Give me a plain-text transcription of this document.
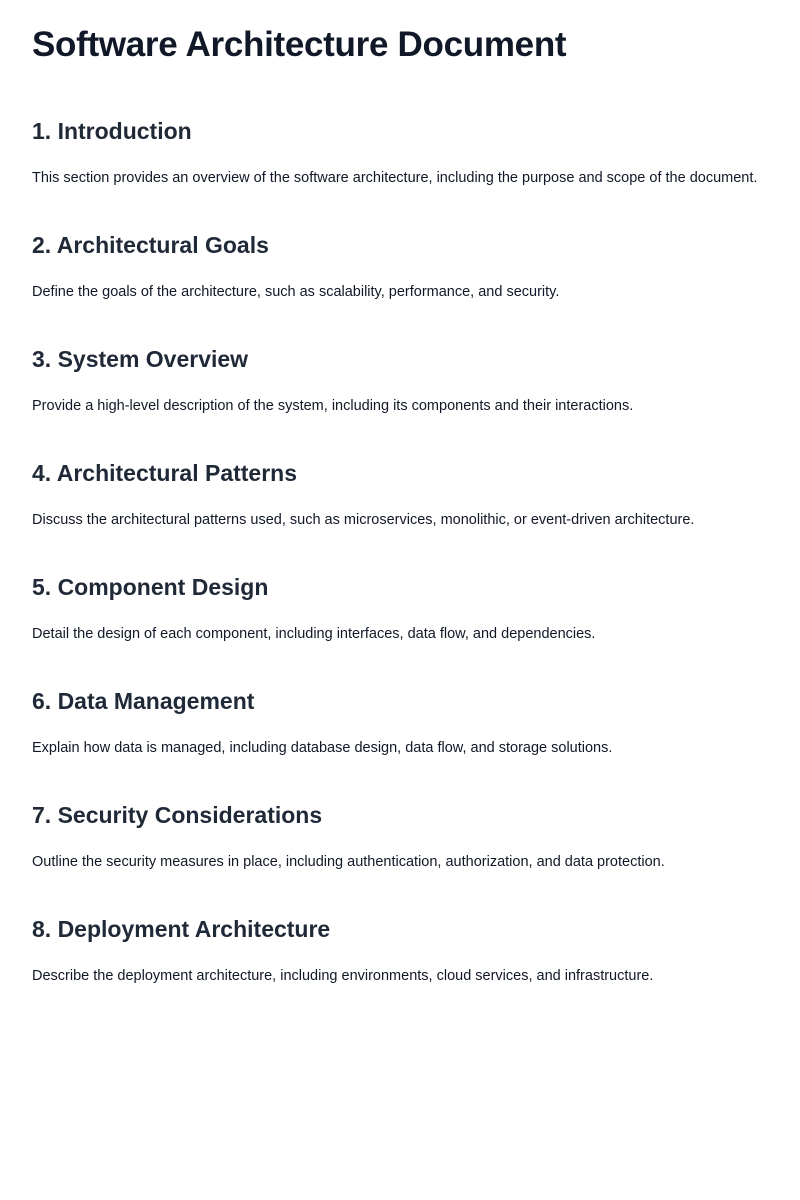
Software Architecture Document
1. Introduction

This section provides an overview of the software architecture, including the purpose and scope of the document.

2. Architectural Goals

Define the goals of the architecture, such as scalability, performance, and security.

3. System Overview

Provide a high-level description of the system, including its components and their interactions.

4. Architectural Patterns

Discuss the architectural patterns used, such as microservices, monolithic, or event-driven architecture.

5. Component Design

Detail the design of each component, including interfaces, data flow, and dependencies.

6. Data Management

Explain how data is managed, including database design, data flow, and storage solutions.

7. Security Considerations

Outline the security measures in place, including authentication, authorization, and data protection.

8. Deployment Architecture

Describe the deployment architecture, including environments, cloud services, and infrastructure.
